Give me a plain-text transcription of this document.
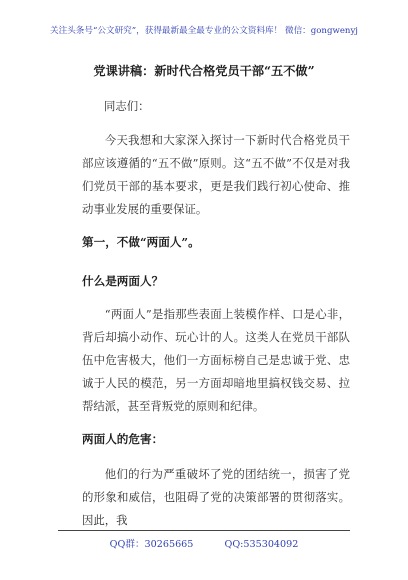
关注头条号“公文研究”，获得最新最全最专业的公文资料库！ 微信：gongwenyj
党课讲稿：新时代合格党员干部“五不做”
同志们：
今天我想和大家深入探讨一下新时代合格党员干部应该遵循的“五不做”原则。这“五不做”不仅是对我们党员干部的基本要求，更是我们践行初心使命、推动事业发展的重要保证。
第一，不做“两面人”。
什么是两面人？
“两面人”是指那些表面上装模作样、口是心非，背后却搞小动作、玩心计的人。这类人在党员干部队伍中危害极大，他们一方面标榜自己是忠诚于党、忠诚于人民的模范，另一方面却暗地里搞权钱交易、拉帮结派，甚至背叛党的原则和纪律。
两面人的危害：
他们的行为严重破坏了党的团结统一，损害了党的形象和威信，也阻碍了党的决策部署的贯彻落实。因此，我
QQ群：30265665	QQ:535304092
